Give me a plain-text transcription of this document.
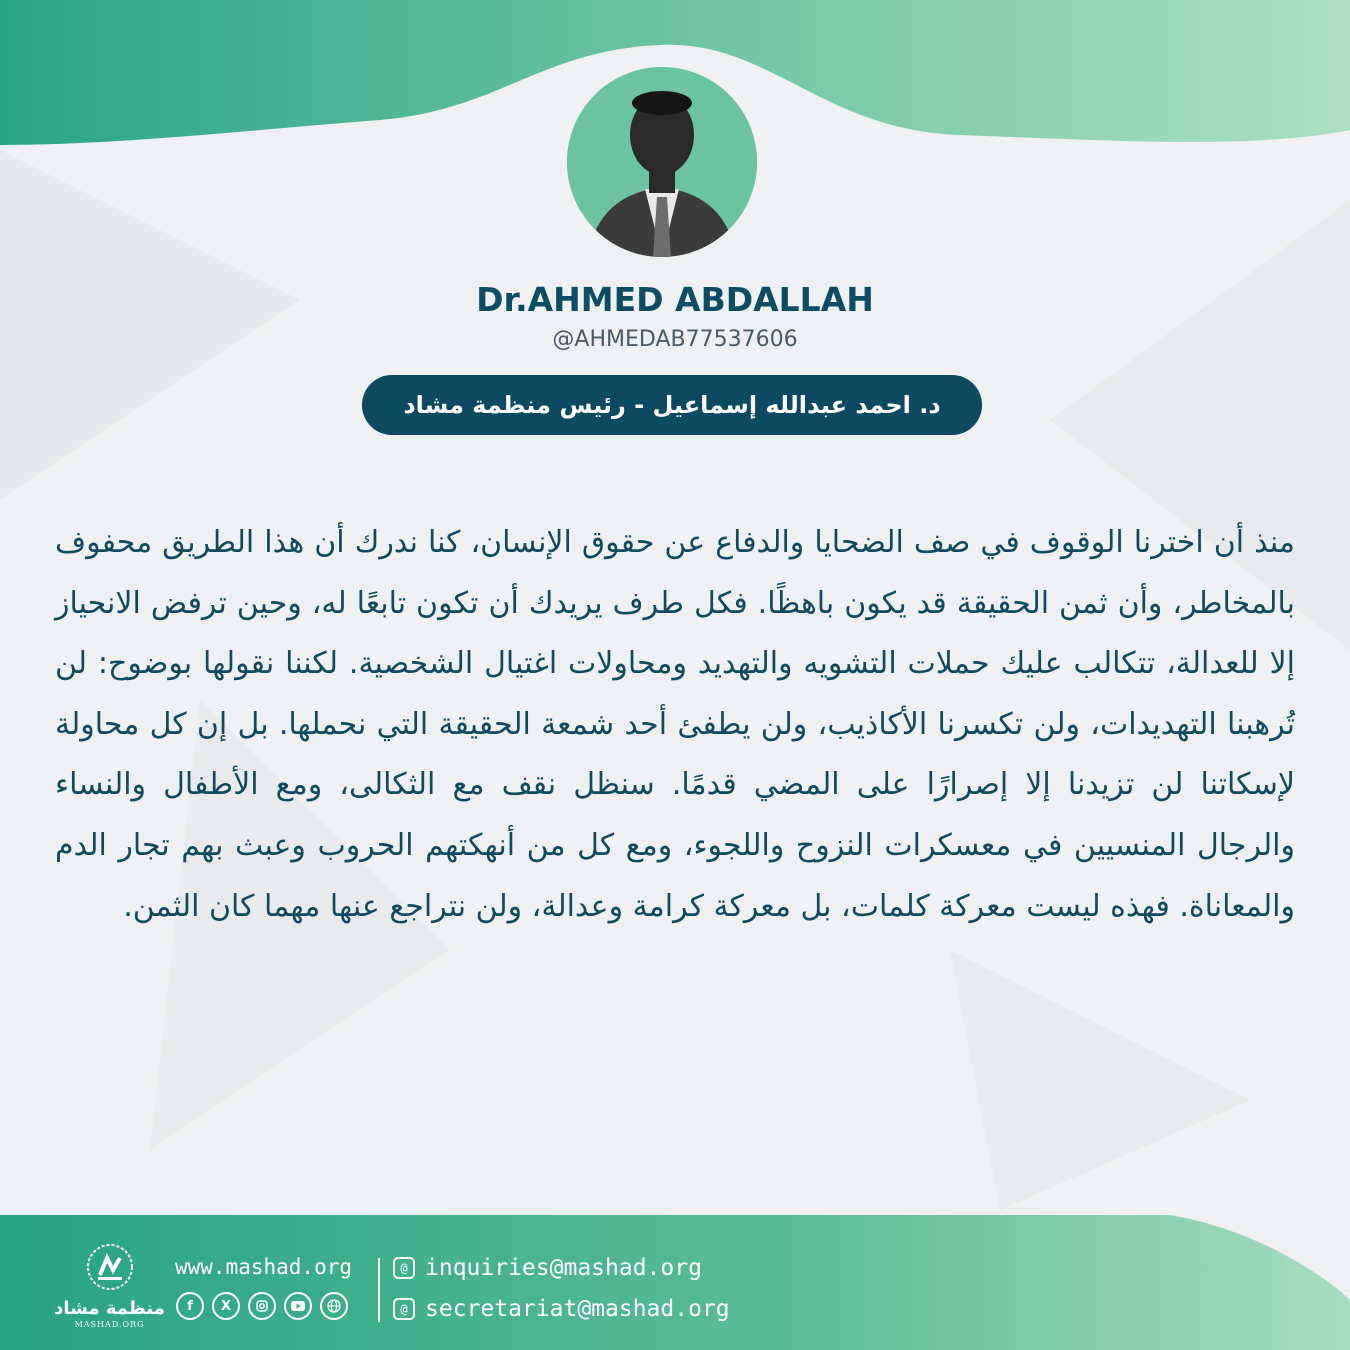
Dr.AHMED ABDALLAH
@AHMEDAB77537606
د. احمد عبدالله إسماعيل - رئيس منظمة مشاد
منذ أن اخترنا الوقوف في صف الضحايا والدفاع عن حقوق الإنسان، كنا ندرك أن هذا الطريق محفوف بالمخاطر، وأن ثمن الحقيقة قد يكون باهظًا. فكل طرف يريدك أن تكون تابعًا له، وحين ترفض الانحياز إلا للعدالة، تتكالب عليك حملات التشويه والتهديد ومحاولات اغتيال الشخصية. لكننا نقولها بوضوح: لن تُرهبنا التهديدات، ولن تكسرنا الأكاذيب، ولن يطفئ أحد شمعة الحقيقة التي نحملها. بل إن كل محاولة لإسكاتنا لن تزيدنا إلا إصرارًا على المضي قدمًا. سنظل نقف مع الثكالى، ومع الأطفال والنساء والرجال المنسيين في معسكرات النزوح واللجوء، ومع كل من أنهكتهم الحروب وعبث بهم تجار الدم والمعاناة. فهذه ليست معركة كلمات، بل معركة كرامة وعدالة، ولن نتراجع عنها مهما كان الثمن.
منظمة مشاد
MASHAD.ORG
www.mashad.org
f	X
@ inquiries@mashad.org
@ secretariat@mashad.org
